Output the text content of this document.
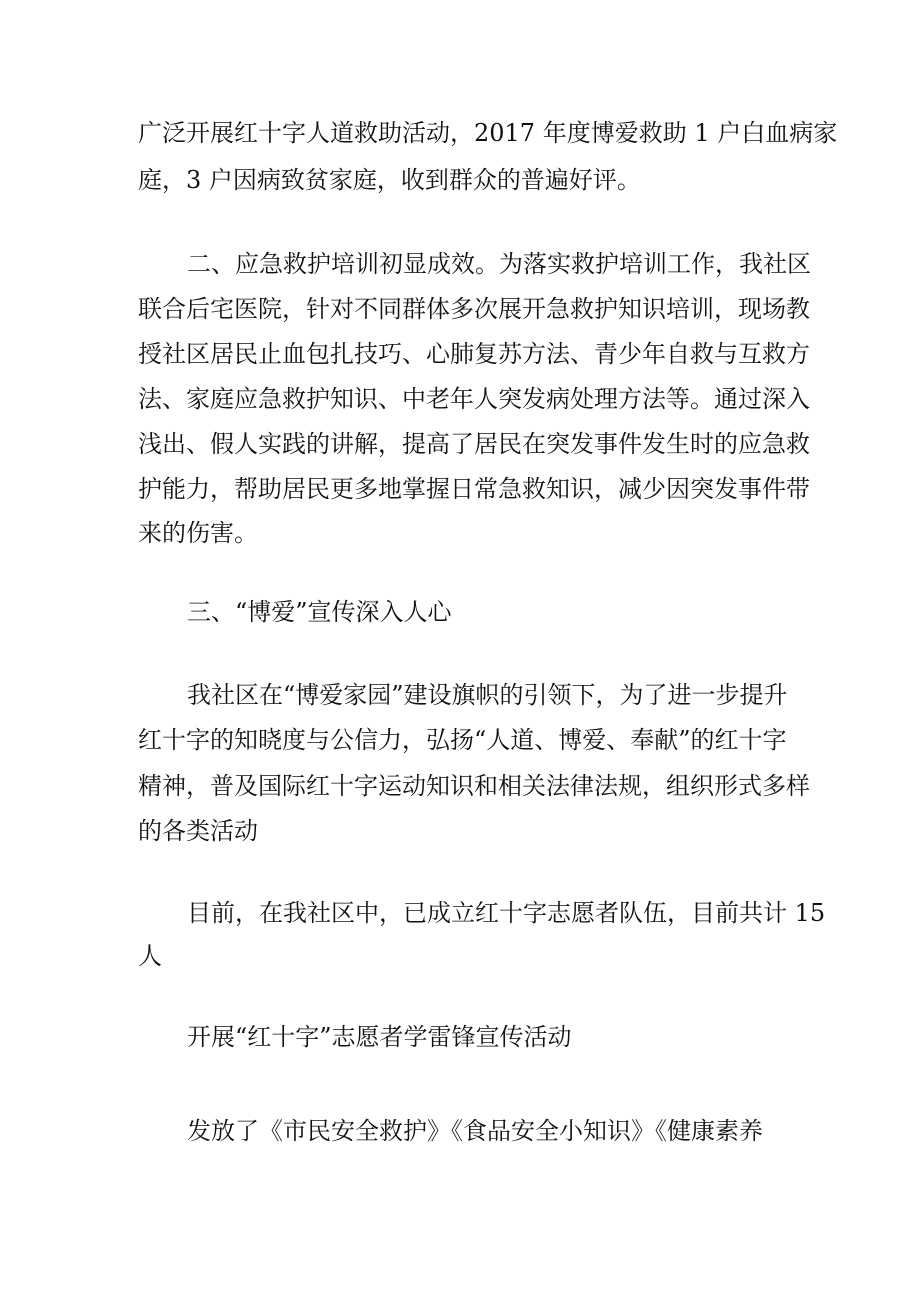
广泛开展红十字人道救助活动，2017 年度博爱救助 1 户白血病家

庭，3 户因病致贫家庭，收到群众的普遍好评。

二、应急救护培训初显成效。为落实救护培训工作，我社区

联合后宅医院，针对不同群体多次展开急救护知识培训，现场教

授社区居民止血包扎技巧、心肺复苏方法、青少年自救与互救方

法、家庭应急救护知识、中老年人突发病处理方法等。通过深入

浅出、假人实践的讲解，提高了居民在突发事件发生时的应急救

护能力，帮助居民更多地掌握日常急救知识，减少因突发事件带

来的伤害。

三、“博爱”宣传深入人心

我社区在“博爱家园”建设旗帜的引领下，为了进一步提升

红十字的知晓度与公信力，弘扬“人道、博爱、奉献”的红十字

精神，普及国际红十字运动知识和相关法律法规，组织形式多样

的各类活动

目前，在我社区中，已成立红十字志愿者队伍，目前共计 15

人

开展“红十字”志愿者学雷锋宣传活动

发放了《市民安全救护》《食品安全小知识》《健康素养
